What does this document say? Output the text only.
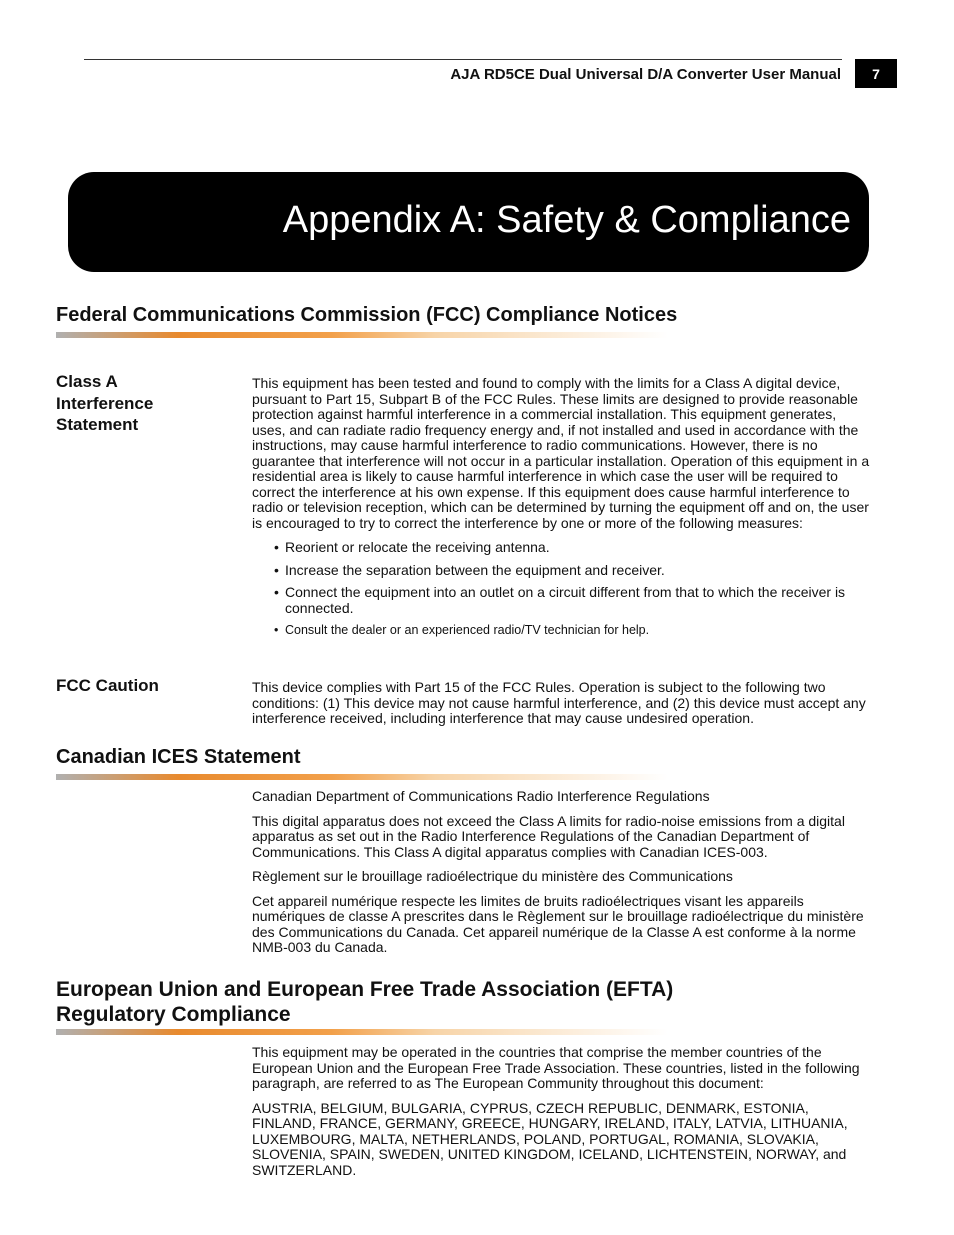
AJA RD5CE Dual Universal D/A Converter User Manual 7
Appendix A: Safety & Compliance
Federal Communications Commission (FCC) Compliance Notices
Class A
Interference
Statement

This equipment has been tested and found to comply with the limits for a Class A digital device, pursuant to Part 15, Subpart B of the FCC Rules. These limits are designed to provide reasonable protection against harmful interference in a commercial installation. This equipment generates, uses, and can radiate radio frequency energy and, if not installed and used in accordance with the instructions, may cause harmful interference to radio communications. However, there is no guarantee that interference will not occur in a particular installation. Operation of this equipment in a residential area is likely to cause harmful interference in which case the user will be required to correct the interference at his own expense. If this equipment does cause harmful interference to radio or television reception, which can be determined by turning the equipment off and on, the user is encouraged to try to correct the interference by one or more of the following measures:

• Reorient or relocate the receiving antenna.
• Increase the separation between the equipment and receiver.
• Connect the equipment into an outlet on a circuit different from that to which the receiver is connected.
• Consult the dealer or an experienced radio/TV technician for help.
FCC Caution	This device complies with Part 15 of the FCC Rules. Operation is subject to the following two conditions: (1) This device may not cause harmful interference, and (2) this device must accept any interference received, including interference that may cause undesired operation.

Canadian ICES Statement

Canadian Department of Communications Radio Interference Regulations

This digital apparatus does not exceed the Class A limits for radio-noise emissions from a digital apparatus as set out in the Radio Interference Regulations of the Canadian Department of Communications. This Class A digital apparatus complies with Canadian ICES-003.

Règlement sur le brouillage radioélectrique du ministère des Communications

Cet appareil numérique respecte les limites de bruits radioélectriques visant les appareils numériques de classe A prescrites dans le Règlement sur le brouillage radioélectrique du ministère des Communications du Canada. Cet appareil numérique de la Classe A est conforme à la norme NMB-003 du Canada.

European Union and European Free Trade Association (EFTA)
Regulatory Compliance

This equipment may be operated in the countries that comprise the member countries of the European Union and the European Free Trade Association. These countries, listed in the following paragraph, are referred to as The European Community throughout this document:

AUSTRIA, BELGIUM, BULGARIA, CYPRUS, CZECH REPUBLIC, DENMARK, ESTONIA, FINLAND, FRANCE, GERMANY, GREECE, HUNGARY, IRELAND, ITALY, LATVIA, LITHUANIA, LUXEMBOURG, MALTA, NETHERLANDS, POLAND, PORTUGAL, ROMANIA, SLOVAKIA, SLOVENIA, SPAIN, SWEDEN, UNITED KINGDOM, ICELAND, LICHTENSTEIN, NORWAY, and SWITZERLAND.
